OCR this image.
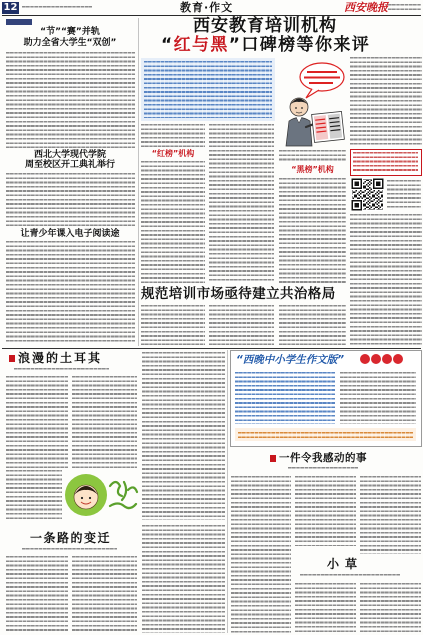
12	教育·作文	西安晚报
“节”“赛”并轨
助力全省大学生“双创”
西北大学现代学院
周至校区开工典礼举行
让青少年课入电子阅读途
西安教育培训机构
“红与黑”口碑榜等你来评
“红榜”机构
“黑榜”机构
规范培训市场亟待建立共治格局
浪漫的土耳其
一条路的变迁
“西晚中小学生作文版”
一件令我感动的事
小草
